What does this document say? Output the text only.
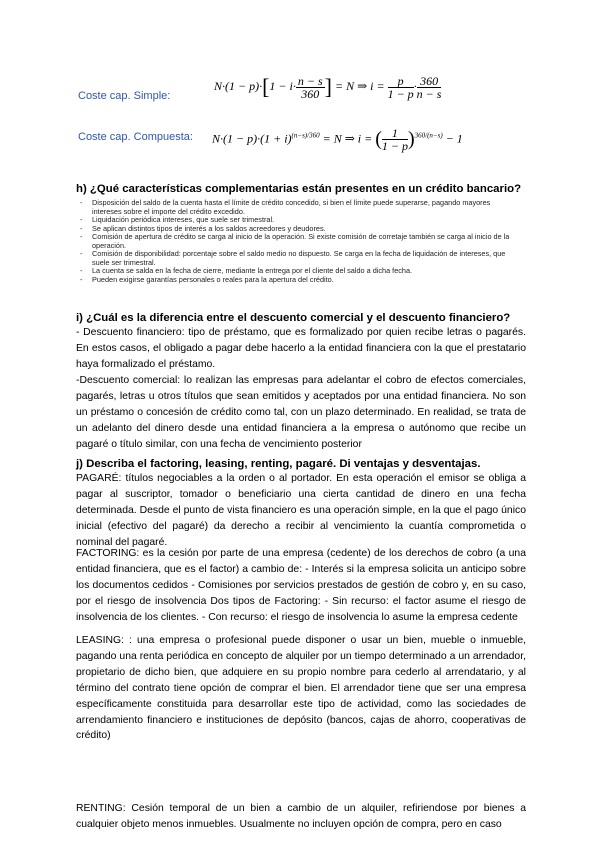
Coste cap. Simple:
$N\cdot(1 - p)\cdot[1 - i\cdot \frac{n - s}{360}$ ] = N ⇒ $i = \frac{p}{1 - p} \cdot \frac{360}{n - s}$
Coste cap. Compuesta: $N\cdot(1 - p)\cdot(1 + i)^{(n-s)/360} = N$ ⇒ i = ( $\frac{1}{1 - p} )^{360/(n-s)} - 1$
h) ¿Qué características complementarias están presentes en un crédito bancario?
- Disposición del saldo de la cuenta hasta el límite de crédito concedido, si bien el límite puede superarse, pagando mayores intereses sobre el importe del crédito excedido.
- Liquidación periódica intereses, que suele ser trimestral.
- Se aplican distintos tipos de interés a los saldos acreedores y deudores.
- Comisión de apertura de crédito se carga al inicio de la operación. Si existe comisión de corretaje también se carga al inicio de la operación.
- Comisión de disponibilidad: porcentaje sobre el saldo medio no dispuesto. Se carga en la fecha de liquidación de intereses, que suele ser trimestral.
- La cuenta se salda en la fecha de cierre, mediante la entrega por el cliente del saldo a dicha fecha.
- Pueden exigirse garantías personales o reales para la apertura del crédito.
i) ¿Cuál es la diferencia entre el descuento comercial y el descuento financiero?

- Descuento financiero: tipo de préstamo, que es formalizado por quien recibe letras o pagarés. En estos casos, el obligado a pagar debe hacerlo a la entidad financiera con la que el prestatario haya formalizado el préstamo.

-Descuento comercial: lo realizan las empresas para adelantar el cobro de efectos comerciales, pagarés, letras u otros títulos que sean emitidos y aceptados por una entidad financiera. No son un préstamo o concesión de crédito como tal, con un plazo determinado. En realidad, se trata de un adelanto del dinero desde una entidad financiera a la empresa o autónomo que recibe un pagaré o título similar, con una fecha de vencimiento posterior

j) Describa el factoring, leasing, renting, pagaré. Di ventajas y desventajas.

PAGARÉ: títulos negociables a la orden o al portador. En esta operación el emisor se obliga a pagar al suscriptor, tomador o beneficiario una cierta cantidad de dinero en una fecha determinada. Desde el punto de vista financiero es una operación simple, en la que el pago único inicial (efectivo del pagaré) da derecho a recibir al vencimiento la cuantía comprometida o nominal del pagaré.

FACTORING: es la cesión por parte de una empresa (cedente) de los derechos de cobro (a una entidad financiera, que es el factor) a cambio de: - Interés si la empresa solicita un anticipo sobre los documentos cedidos - Comisiones por servicios prestados de gestión de cobro y, en su caso, por el riesgo de insolvencia Dos tipos de Factoring: - Sin recurso: el factor asume el riesgo de insolvencia de los clientes. - Con recurso: el riesgo de insolvencia lo asume la empresa cedente

LEASING: : una empresa o profesional puede disponer o usar un bien, mueble o inmueble, pagando una renta periódica en concepto de alquiler por un tiempo determinado a un arrendador, propietario de dicho bien, que adquiere en su propio nombre para cederlo al arrendatario, y al término del contrato tiene opción de comprar el bien. El arrendador tiene que ser una empresa específicamente constituida para desarrollar este tipo de actividad, como las sociedades de arrendamiento financiero e instituciones de depósito (bancos, cajas de ahorro, cooperativas de crédito)

RENTING: Cesión temporal de un bien a cambio de un alquiler, refiriendose por bienes a cualquier objeto menos inmuebles. Usualmente no incluyen opción de compra, pero en caso
